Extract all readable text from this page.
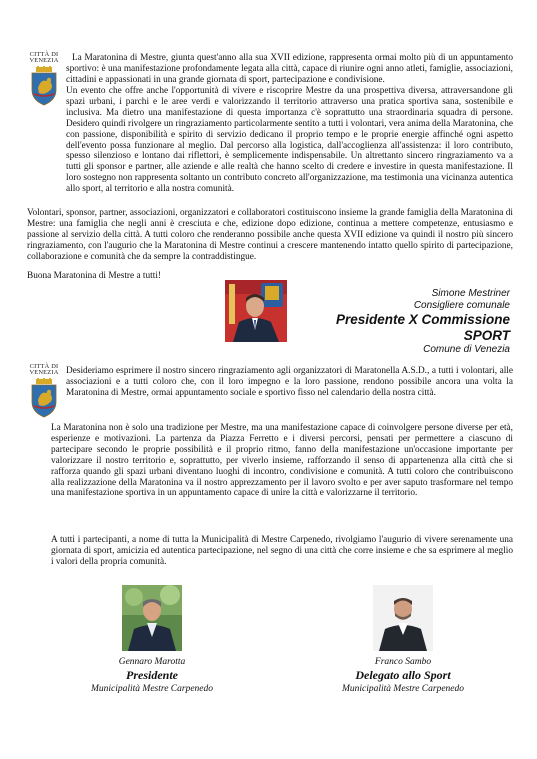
CITTÀ DI
VENEZIA	La Maratonina di Mestre, giunta quest'anno alla sua XVII edizione, rappresenta ormai molto più di un appuntamento sportivo: è una manifestazione profondamente legata alla città, capace di riunire ogni anno atleti, famiglie, associazioni, cittadini e appassionati in una grande giornata di sport, partecipazione e condivisione.

Un evento che offre anche l'opportunità di vivere e riscoprire Mestre da una prospettiva diversa, attraversandone gli spazi urbani, i parchi e le aree verdi e valorizzando il territorio attraverso una pratica sportiva sana, sostenibile e inclusiva. Ma dietro una manifestazione di questa importanza c'è soprattutto una straordinaria squadra di persone. Desidero quindi rivolgere un ringraziamento particolarmente sentito a tutti i volontari, vera anima della Maratonina, che con passione, disponibilità e spirito di servizio dedicano il proprio tempo e le proprie energie affinché ogni aspetto dell'evento possa funzionare al meglio. Dal percorso alla logistica, dall'accoglienza all'assistenza: il loro contributo, spesso silenzioso e lontano dai riflettori, è semplicemente indispensabile. Un altrettanto sincero ringraziamento va a tutti gli sponsor e partner, alle aziende e alle realtà che hanno scelto di credere e investire in questa manifestazione. Il loro sostegno non rappresenta soltanto un contributo concreto all'organizzazione, ma testimonia una vicinanza autentica allo sport, al territorio e alla nostra comunità.

Volontari, sponsor, partner, associazioni, organizzatori e collaboratori costituiscono insieme la grande famiglia della Maratonina di Mestre: una famiglia che negli anni è cresciuta e che, edizione dopo edizione, continua a mettere competenze, entusiasmo e passione al servizio della città. A tutti coloro che renderanno possibile anche questa XVII edizione va quindi il nostro più sincero ringraziamento, con l'augurio che la Maratonina di Mestre continui a crescere mantenendo intatto quello spirito di partecipazione, collaborazione e comunità che da sempre la contraddistingue.

Buona Maratonina di Mestre a tutti!

Simone Mestriner
Consigliere comunale
Presidente X Commissione SPORT
Comune di Venezia
CITTÀ DI
VENEZIA Desideriamo esprimere il nostro sincero ringraziamento agli organizzatori di Maratonella A.S.D., a tutti i volontari, alle associazioni e a tutti coloro che, con il loro impegno e la loro passione, rendono possibile ancora una volta la Maratonina di Mestre, ormai appuntamento sociale e sportivo fisso nel calendario della nostra città.

La Maratonina non è solo una tradizione per Mestre, ma una manifestazione capace di coinvolgere persone diverse per età, esperienze e motivazioni. La partenza da Piazza Ferretto e i diversi percorsi, pensati per permettere a ciascuno di partecipare secondo le proprie possibilità e il proprio ritmo, fanno della manifestazione un'occasione importante per valorizzare il nostro territorio e, soprattutto, per viverlo insieme, rafforzando il senso di appartenenza alla città che si rafforza quando gli spazi urbani diventano luoghi di incontro, condivisione e comunità. A tutti coloro che contribuiscono alla realizzazione della Maratonina va il nostro apprezzamento per il lavoro svolto e per aver saputo trasformare nel tempo una manifestazione sportiva in un appuntamento capace di unire la città e valorizzarne il territorio.

A tutti i partecipanti, a nome di tutta la Municipalità di Mestre Carpenedo, rivolgiamo l'augurio di vivere serenamente una giornata di sport, amicizia ed autentica partecipazione, nel segno di una città che corre insieme e che sa esprimere al meglio i valori della propria comunità.

Gennaro Marotta
Presidente
Municipalità Mestre Carpenedo
Franco Sambo
Delegato allo Sport
Municipalità Mestre Carpenedo
